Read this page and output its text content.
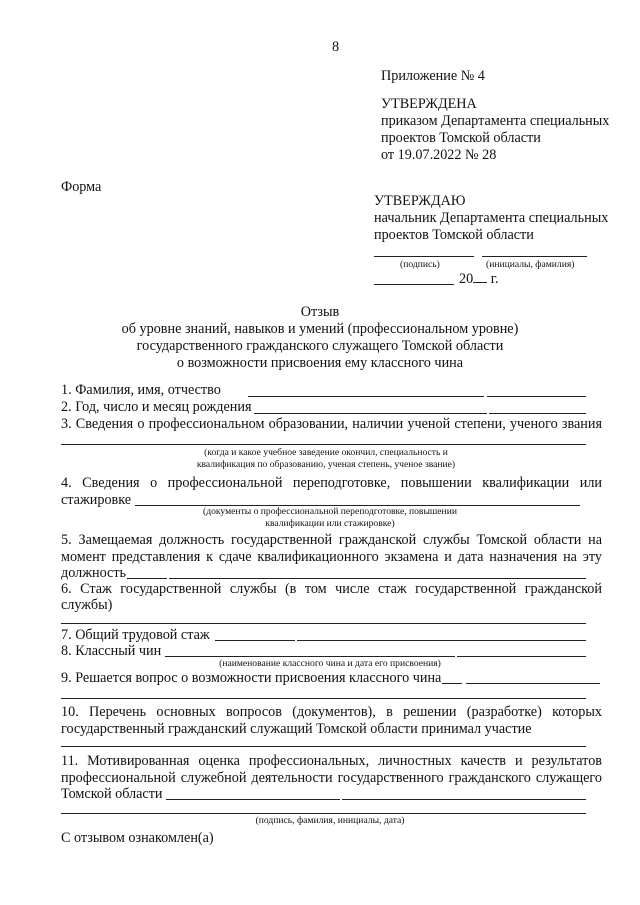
8
Приложение № 4
УТВЕРЖДЕНА
приказом Департамента специальных
проектов Томской области
от 19.07.2022 № 28
Форма
УТВЕРЖДАЮ
начальник Департамента специальных
проектов Томской области
(подпись)	(инициалы, фамилия)
20 г.
Отзыв
об уровне знаний, навыков и умений (профессиональном уровне)
государственного гражданского служащего Томской области
о возможности присвоения ему классного чина
1. Фамилия, имя, отчество
2. Год, число и месяц рождения
3. Сведения о профессиональном образовании, наличии ученой степени, ученого звания
(когда и какое учебное заведение окончил, специальность и
квалификация по образованию, ученая степень, ученое звание)
4. Сведения о профессиональной переподготовке, повышении квалификации или
стажировке
(документы о профессиональной переподготовке, повышении
квалификации или стажировке)
5. Замещаемая должность государственной гражданской службы Томской области на
момент представления к сдаче квалификационного экзамена и дата назначения на эту
должность
6. Стаж государственной службы (в том числе стаж государственной гражданской
службы)
7. Общий трудовой стаж
8. Классный чин
(наименование классного чина и дата его присвоения)
9. Решается вопрос о возможности присвоения классного чина
10. Перечень основных вопросов (документов), в решении (разработке) которых
государственный гражданский служащий Томской области принимал участие
11. Мотивированная оценка профессиональных, личностных качеств и результатов
профессиональной служебной деятельности государственного гражданского служащего
Томской области
(подпись, фамилия, инициалы, дата)
С отзывом ознакомлен(а)
